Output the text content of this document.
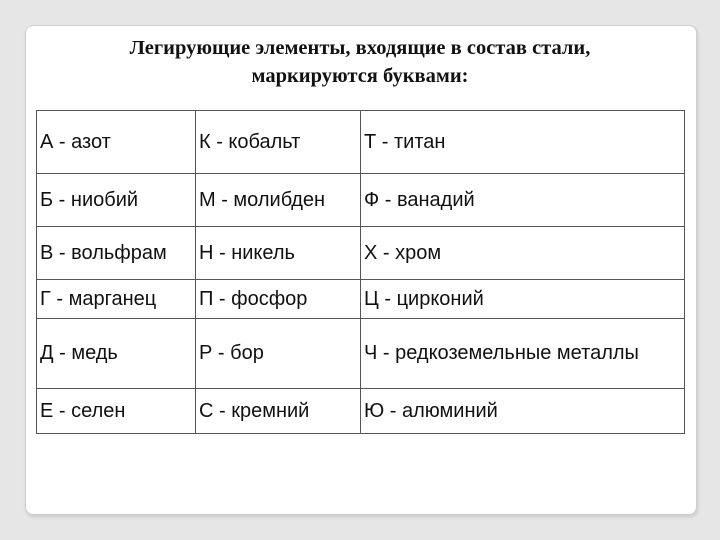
Легирующие элементы, входящие в состав стали,
маркируются буквами:
А - азот	К - кобальт	Т - титан
Б - ниобий	М - молибден	Ф - ванадий
В - вольфрам	Н - никель	Х - хром
Г - марганец	П - фосфор	Ц - цирконий
Д - медь	Р - бор	Ч - редкоземельные металлы
Е - селен	С - кремний	Ю - алюминий
